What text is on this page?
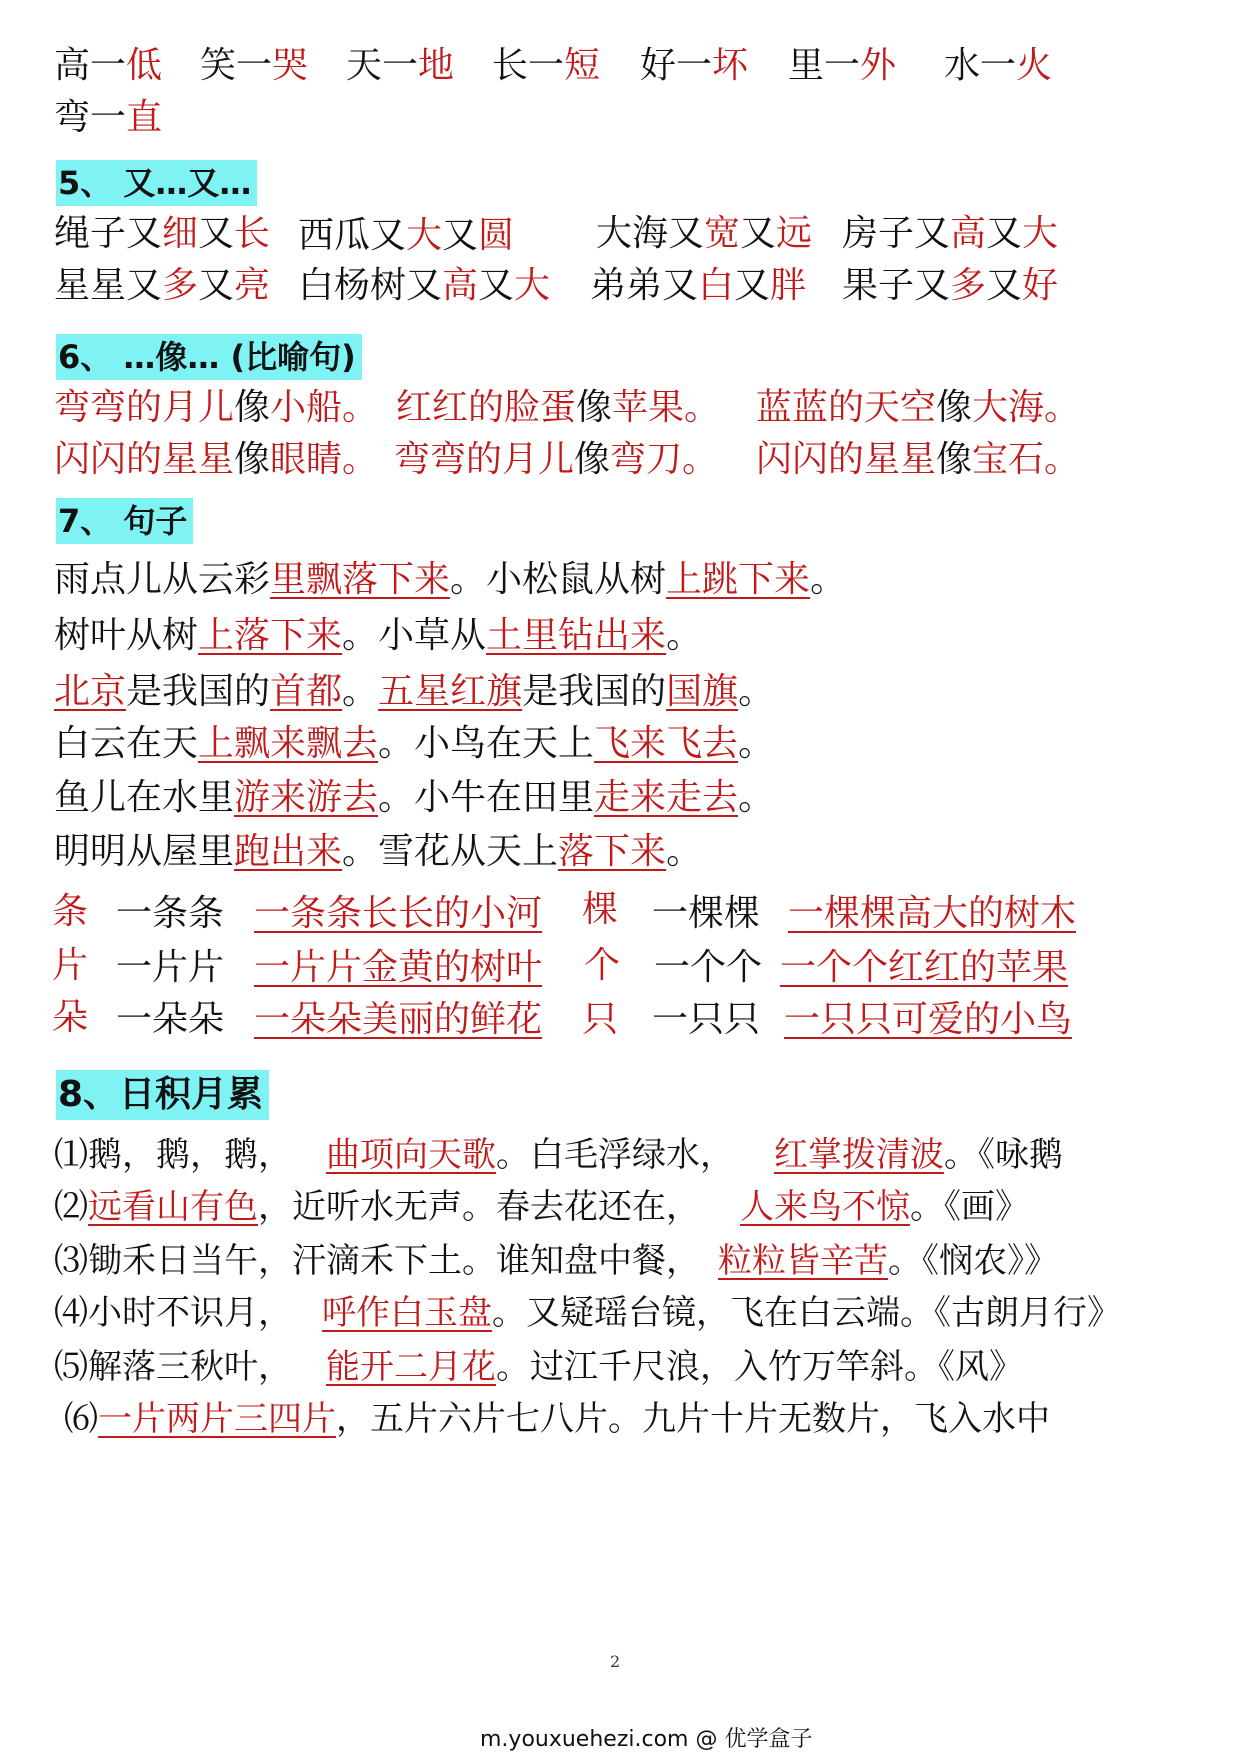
高一低 笑一哭 天一地 长一短 好一坏 里一外 水一火
弯一直
5、 又…又…
绳子又细又长 西瓜又大又圆 大海又宽又远 房子又高又大
星星又多又亮 白杨树又高又大 弟弟又白又胖 果子又多又好
6、 …像… (比喻句)
弯弯的月儿像小船。 红红的脸蛋像苹果。 蓝蓝的天空像大海。
闪闪的星星像眼睛。 弯弯的月儿像弯刀。 闪闪的星星像宝石。
7、 句子
雨点儿从云彩里飘落下来。小松鼠从树上跳下来。
树叶从树上落下来。小草从土里钻出来。
北京是我国的首都。五星红旗是我国的国旗。
白云在天上飘来飘去。小鸟在天上飞来飞去。
鱼儿在水里游来游去。小牛在田里走来走去。
明明从屋里跑出来。雪花从天上落下来。
条 一条条 一条条长长的小河 棵 一棵棵 一棵棵高大的树木
片 一片片 一片片金黄的树叶 个 一个个 一个个红红的苹果
朵 一朵朵 一朵朵美丽的鲜花 只 一只只 一只只可爱的小鸟
8、日积月累
⑴鹅，鹅，鹅， 曲项向天歌。白毛浮绿水， 红掌拨清波。《咏鹅
⑵远看山有色，近听水无声。春去花还在， 人来鸟不惊。《画》
⑶锄禾日当午，汗滴禾下土。谁知盘中餐， 粒粒皆辛苦。《悯农》》
⑷小时不识月， 呼作白玉盘。又疑瑶台镜，飞在白云端。《古朗月行》
⑸解落三秋叶， 能开二月花。过江千尺浪，入竹万竿斜。《风》
⑹一片两片三四片，五片六片七八片。九片十片无数片，飞入水中
2
m.youxuehezi.com @ 优学盒子
